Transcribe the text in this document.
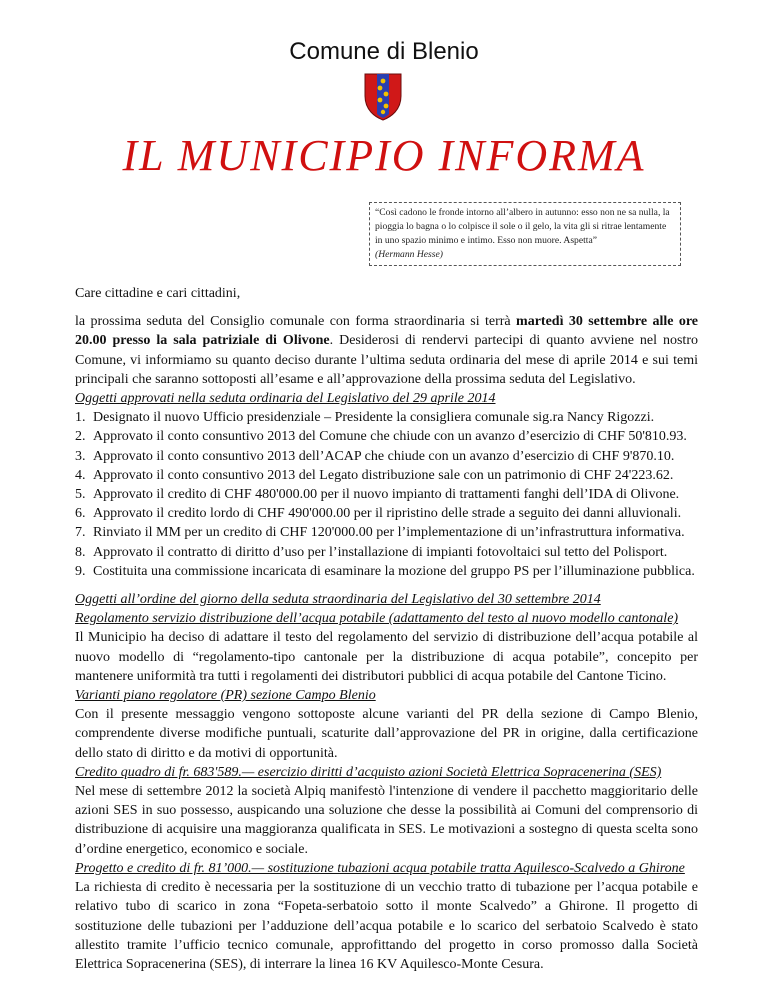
Comune di Blenio
IL MUNICIPIO INFORMA
“Così cadono le fronde intorno all’albero in autunno: esso non ne sa nulla, la pioggia lo bagna o lo colpisce il sole o il gelo, la vita gli si ritrae lentamente in uno spazio minimo e intimo. Esso non muore. Aspetta”
(Hermann Hesse)

Care cittadine e cari cittadini,

la prossima seduta del Consiglio comunale con forma straordinaria si terrà martedì 30 settembre alle ore 20.00 presso la sala patriziale di Olivone. Desiderosi di rendervi partecipi di quanto avviene nel nostro Comune, vi informiamo su quanto deciso durante l’ultima seduta ordinaria del mese di aprile 2014 e sui temi principali che saranno sottoposti all’esame e all’approvazione della prossima seduta del Legislativo.

Oggetti approvati nella seduta ordinaria del Legislativo del 29 aprile 2014

1. Designato il nuovo Ufficio presidenziale – Presidente la consigliera comunale sig.ra Nancy Rigozzi.
2. Approvato il conto consuntivo 2013 del Comune che chiude con un avanzo d’esercizio di CHF 50'810.93.
3. Approvato il conto consuntivo 2013 dell’ACAP che chiude con un avanzo d’esercizio di CHF 9'870.10.
4. Approvato il conto consuntivo 2013 del Legato distribuzione sale con un patrimonio di CHF 24'223.62.
5. Approvato il credito di CHF 480'000.00 per il nuovo impianto di trattamenti fanghi dell’IDA di Olivone.
6. Approvato il credito lordo di CHF 490'000.00 per il ripristino delle strade a seguito dei danni alluvionali.
7. Rinviato il MM per un credito di CHF 120'000.00 per l’implementazione di un’infrastruttura informativa.
8. Approvato il contratto di diritto d’uso per l’installazione di impianti fotovoltaici sul tetto del Polisport.
9. Costituita una commissione incaricata di esaminare la mozione del gruppo PS per l’illuminazione pubblica.

Oggetti all’ordine del giorno della seduta straordinaria del Legislativo del 30 settembre 2014

Regolamento servizio distribuzione dell’acqua potabile (adattamento del testo al nuovo modello cantonale)

Il Municipio ha deciso di adattare il testo del regolamento del servizio di distribuzione dell’acqua potabile al nuovo modello di “regolamento-tipo cantonale per la distribuzione di acqua potabile”, concepito per mantenere uniformità tra tutti i regolamenti dei distributori pubblici di acqua potabile del Cantone Ticino.

Varianti piano regolatore (PR) sezione Campo Blenio

Con il presente messaggio vengono sottoposte alcune varianti del PR della sezione di Campo Blenio, comprendente diverse modifiche puntuali, scaturite dall’approvazione del PR in origine, dalla certificazione dello stato di diritto e da motivi di opportunità.

Credito quadro di fr. 683'589.— esercizio diritti d’acquisto azioni Società Elettrica Sopracenerina (SES)

Nel mese di settembre 2012 la società Alpiq manifestò l'intenzione di vendere il pacchetto maggioritario delle azioni SES in suo possesso, auspicando una soluzione che desse la possibilità ai Comuni del comprensorio di distribuzione di acquisire una maggioranza qualificata in SES. Le motivazioni a sostegno di questa scelta sono d’ordine energetico, economico e sociale.

Progetto e credito di fr. 81’000.— sostituzione tubazioni acqua potabile tratta Aquilesco-Scalvedo a Ghirone

La richiesta di credito è necessaria per la sostituzione di un vecchio tratto di tubazione per l’acqua potabile e relativo tubo di scarico in zona “Fopeta-serbatoio sotto il monte Scalvedo” a Ghirone. Il progetto di sostituzione delle tubazioni per l’adduzione dell’acqua potabile e lo scarico del serbatoio Scalvedo è stato allestito tramite l’ufficio tecnico comunale, approfittando del progetto in corso promosso dalla Società Elettrica Sopracenerina (SES), di interrare la linea 16 KV Aquilesco-Monte Cesura.
